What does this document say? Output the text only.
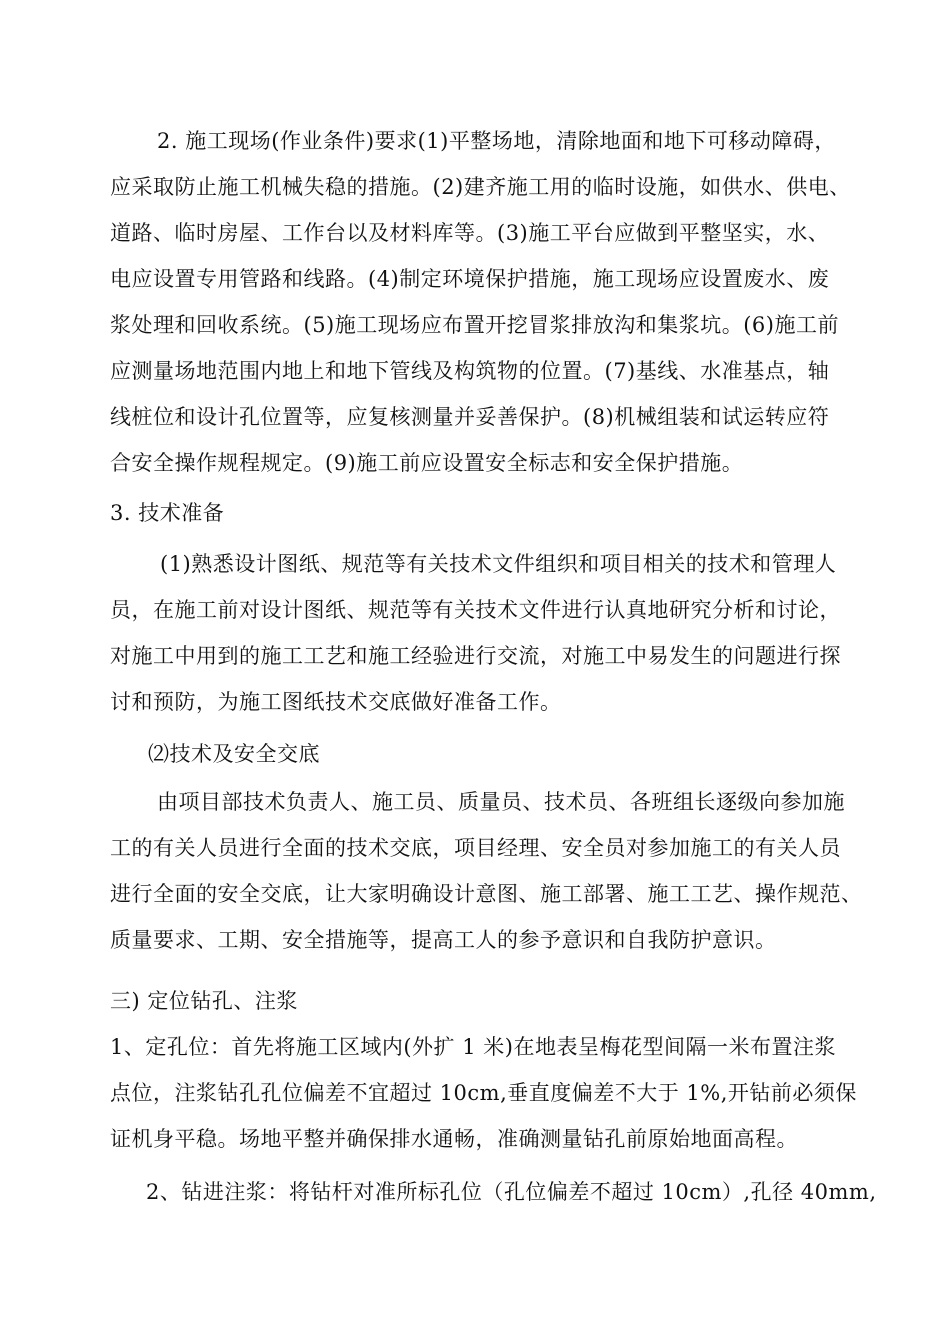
2. 施工现场(作业条件)要求(1)平整场地，清除地面和地下可移动障碍，
应采取防止施工机械失稳的措施。(2)建齐施工用的临时设施，如供水、供电、
道路、临时房屋、工作台以及材料库等。(3)施工平台应做到平整坚实，水、
电应设置专用管路和线路。(4)制定环境保护措施，施工现场应设置废水、废
浆处理和回收系统。(5)施工现场应布置开挖冒浆排放沟和集浆坑。(6)施工前
应测量场地范围内地上和地下管线及构筑物的位置。(7)基线、水准基点，轴
线桩位和设计孔位置等，应复核测量并妥善保护。(8)机械组装和试运转应符
合安全操作规程规定。(9)施工前应设置安全标志和安全保护措施。
3. 技术准备
(1)熟悉设计图纸、规范等有关技术文件组织和项目相关的技术和管理人
员，在施工前对设计图纸、规范等有关技术文件进行认真地研究分析和讨论，
对施工中用到的施工工艺和施工经验进行交流，对施工中易发生的问题进行探
讨和预防，为施工图纸技术交底做好准备工作。
⑵技术及安全交底
由项目部技术负责人、施工员、质量员、技术员、各班组长逐级向参加施
工的有关人员进行全面的技术交底，项目经理、安全员对参加施工的有关人员
进行全面的安全交底，让大家明确设计意图、施工部署、施工工艺、操作规范、
质量要求、工期、安全措施等，提高工人的参予意识和自我防护意识。
三) 定位钻孔、注浆
1、定孔位：首先将施工区域内(外扩 1 米)在地表呈梅花型间隔一米布置注浆
点位，注浆钻孔孔位偏差不宜超过 10cm,垂直度偏差不大于 1%,开钻前必须保
证机身平稳。场地平整并确保排水通畅，准确测量钻孔前原始地面高程。
2、钻进注浆：将钻杆对准所标孔位（孔位偏差不超过 10cm）,孔径 40mm,
